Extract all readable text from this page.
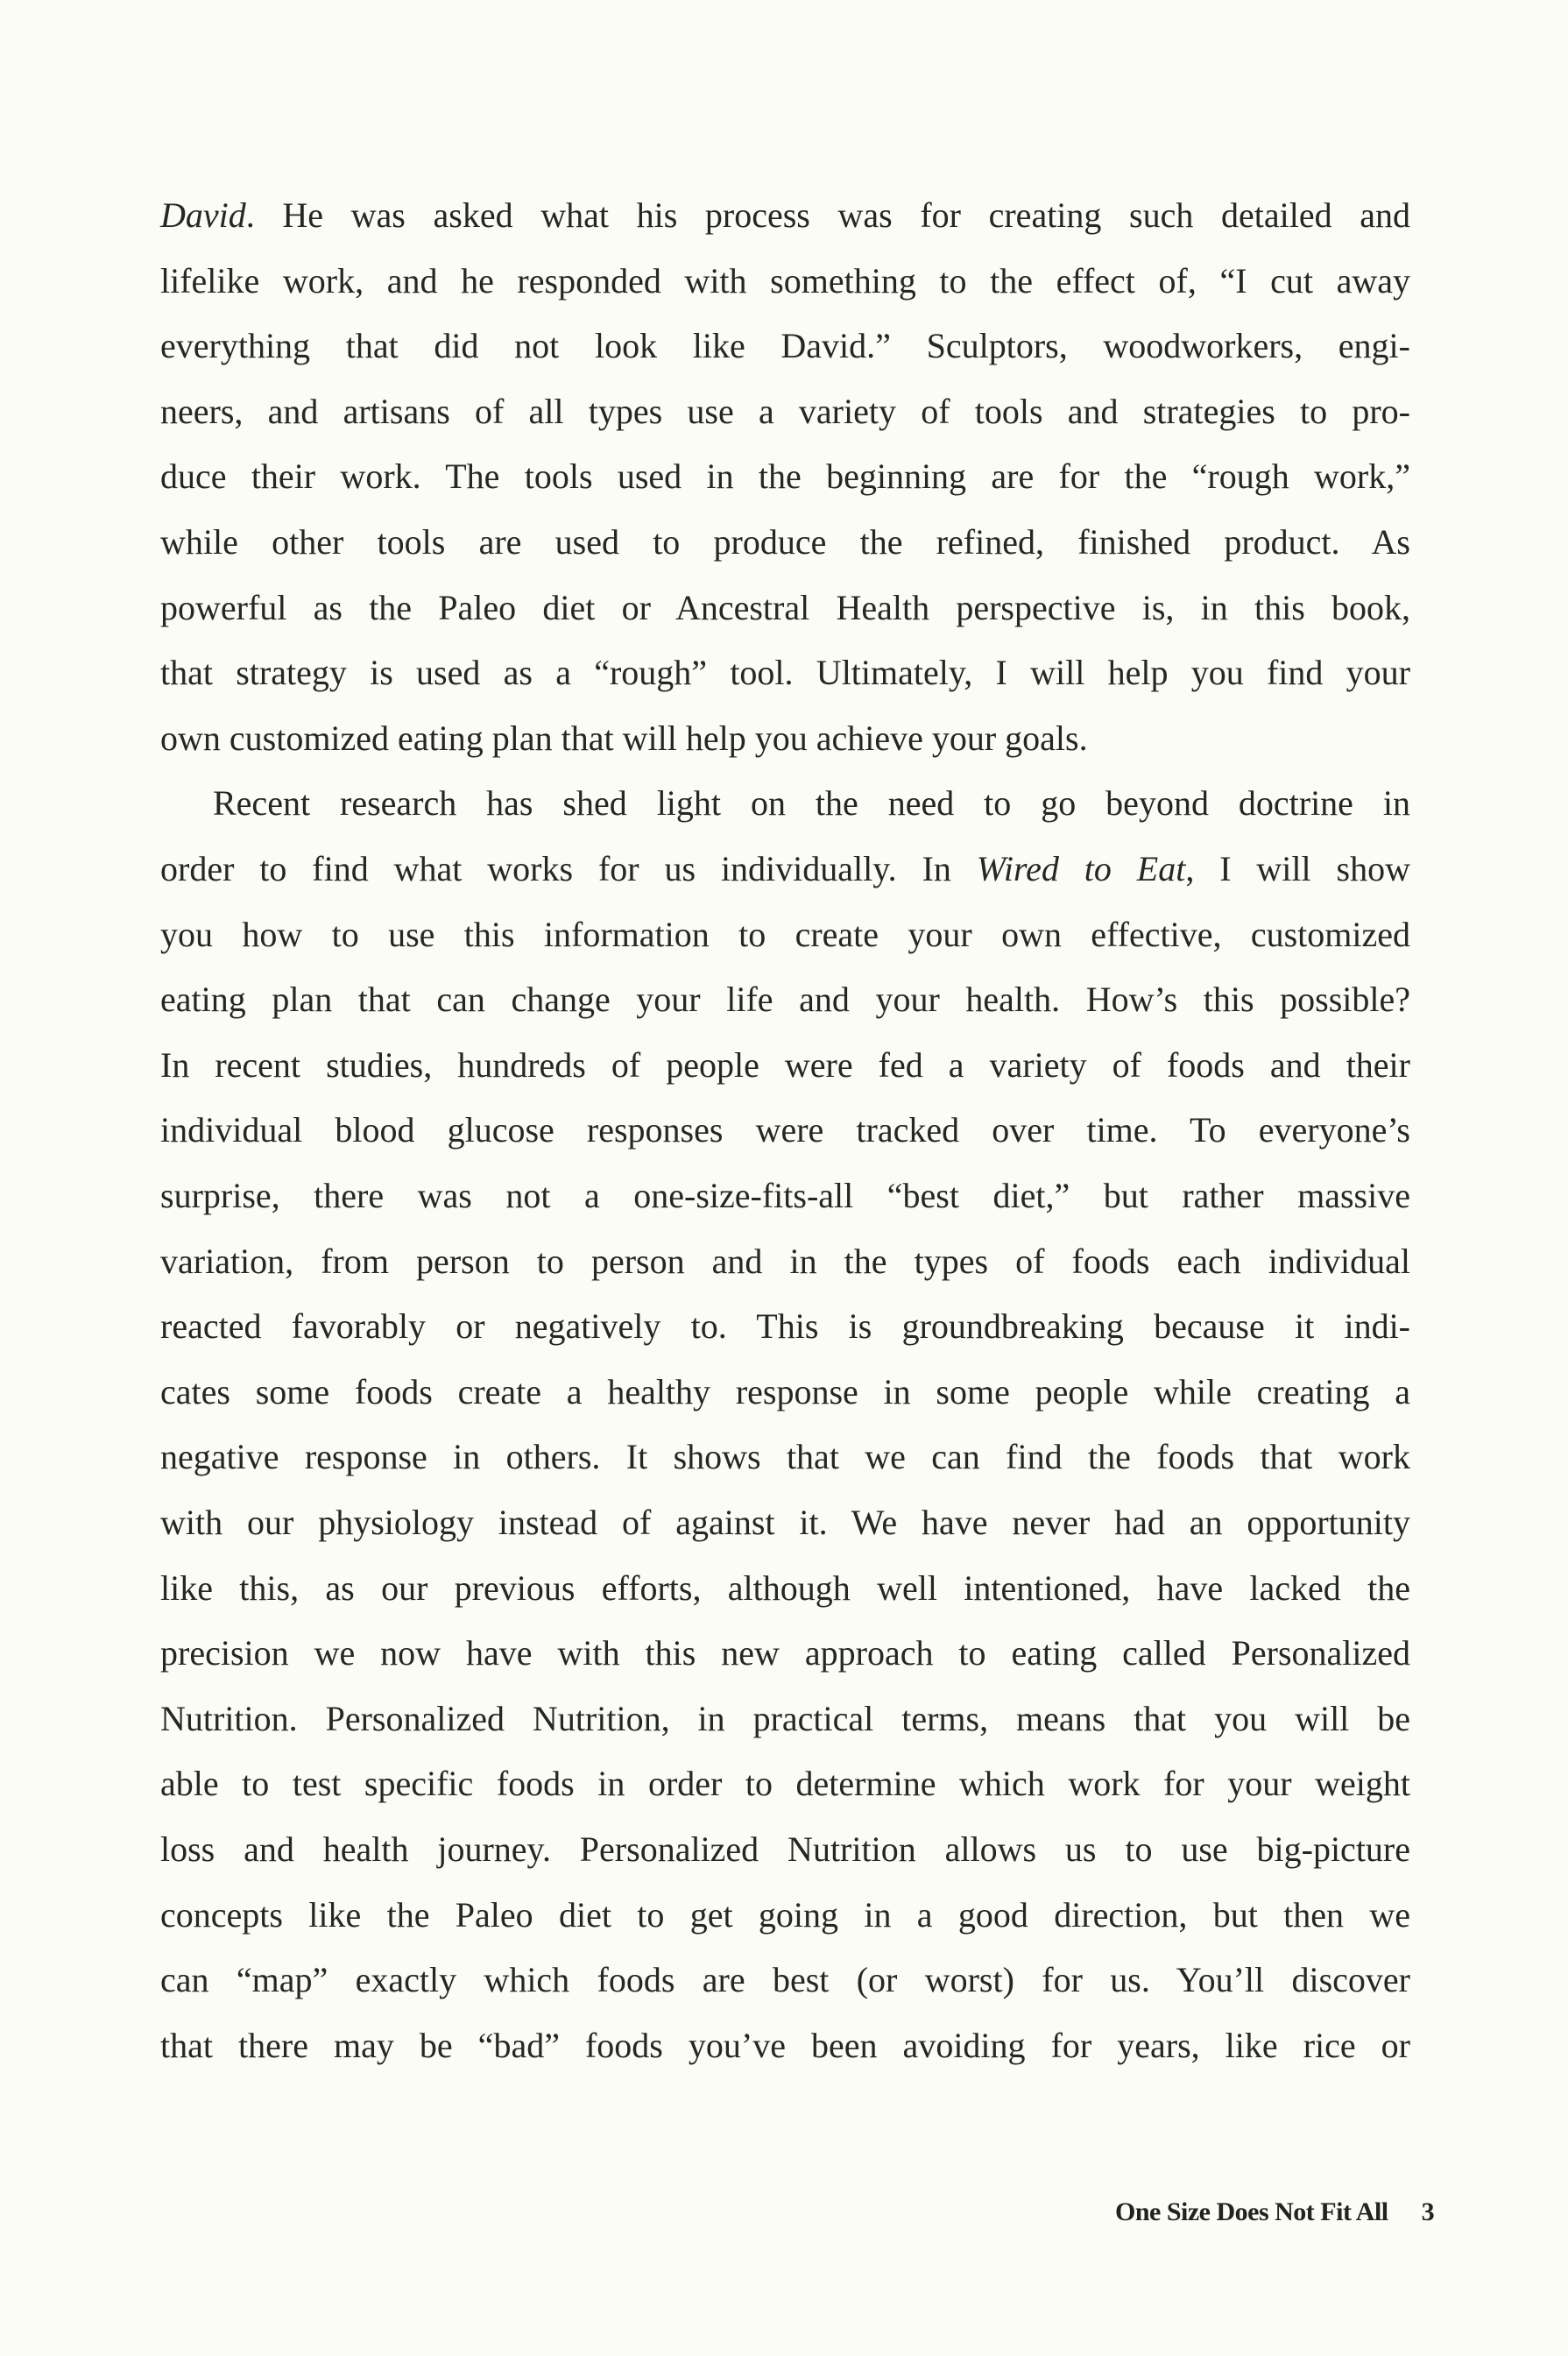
David. He was asked what his process was for creating such detailed and
lifelike work, and he responded with something to the effect of, “I cut away
everything that did not look like David.” Sculptors, woodworkers, engi-
neers, and artisans of all types use a variety of tools and strategies to pro-
duce their work. The tools used in the beginning are for the “rough work,”
while other tools are used to produce the refined, finished product. As
powerful as the Paleo diet or Ancestral Health perspective is, in this book,
that strategy is used as a “rough” tool. Ultimately, I will help you find your
own customized eating plan that will help you achieve your goals.
Recent research has shed light on the need to go beyond doctrine in
order to find what works for us individually. In Wired to Eat, I will show
you how to use this information to create your own effective, customized
eating plan that can change your life and your health. How’s this possible?
In recent studies, hundreds of people were fed a variety of foods and their
individual blood glucose responses were tracked over time. To everyone’s
surprise, there was not a one-size-fits-all “best diet,” but rather massive
variation, from person to person and in the types of foods each individual
reacted favorably or negatively to. This is groundbreaking because it indi-
cates some foods create a healthy response in some people while creating a
negative response in others. It shows that we can find the foods that work
with our physiology instead of against it. We have never had an opportunity
like this, as our previous efforts, although well intentioned, have lacked the
precision we now have with this new approach to eating called Personalized
Nutrition. Personalized Nutrition, in practical terms, means that you will be
able to test specific foods in order to determine which work for your weight
loss and health journey. Personalized Nutrition allows us to use big-picture
concepts like the Paleo diet to get going in a good direction, but then we
can “map” exactly which foods are best (or worst) for us. You’ll discover
that there may be “bad” foods you’ve been avoiding for years, like rice or
One Size Does Not Fit All 3
